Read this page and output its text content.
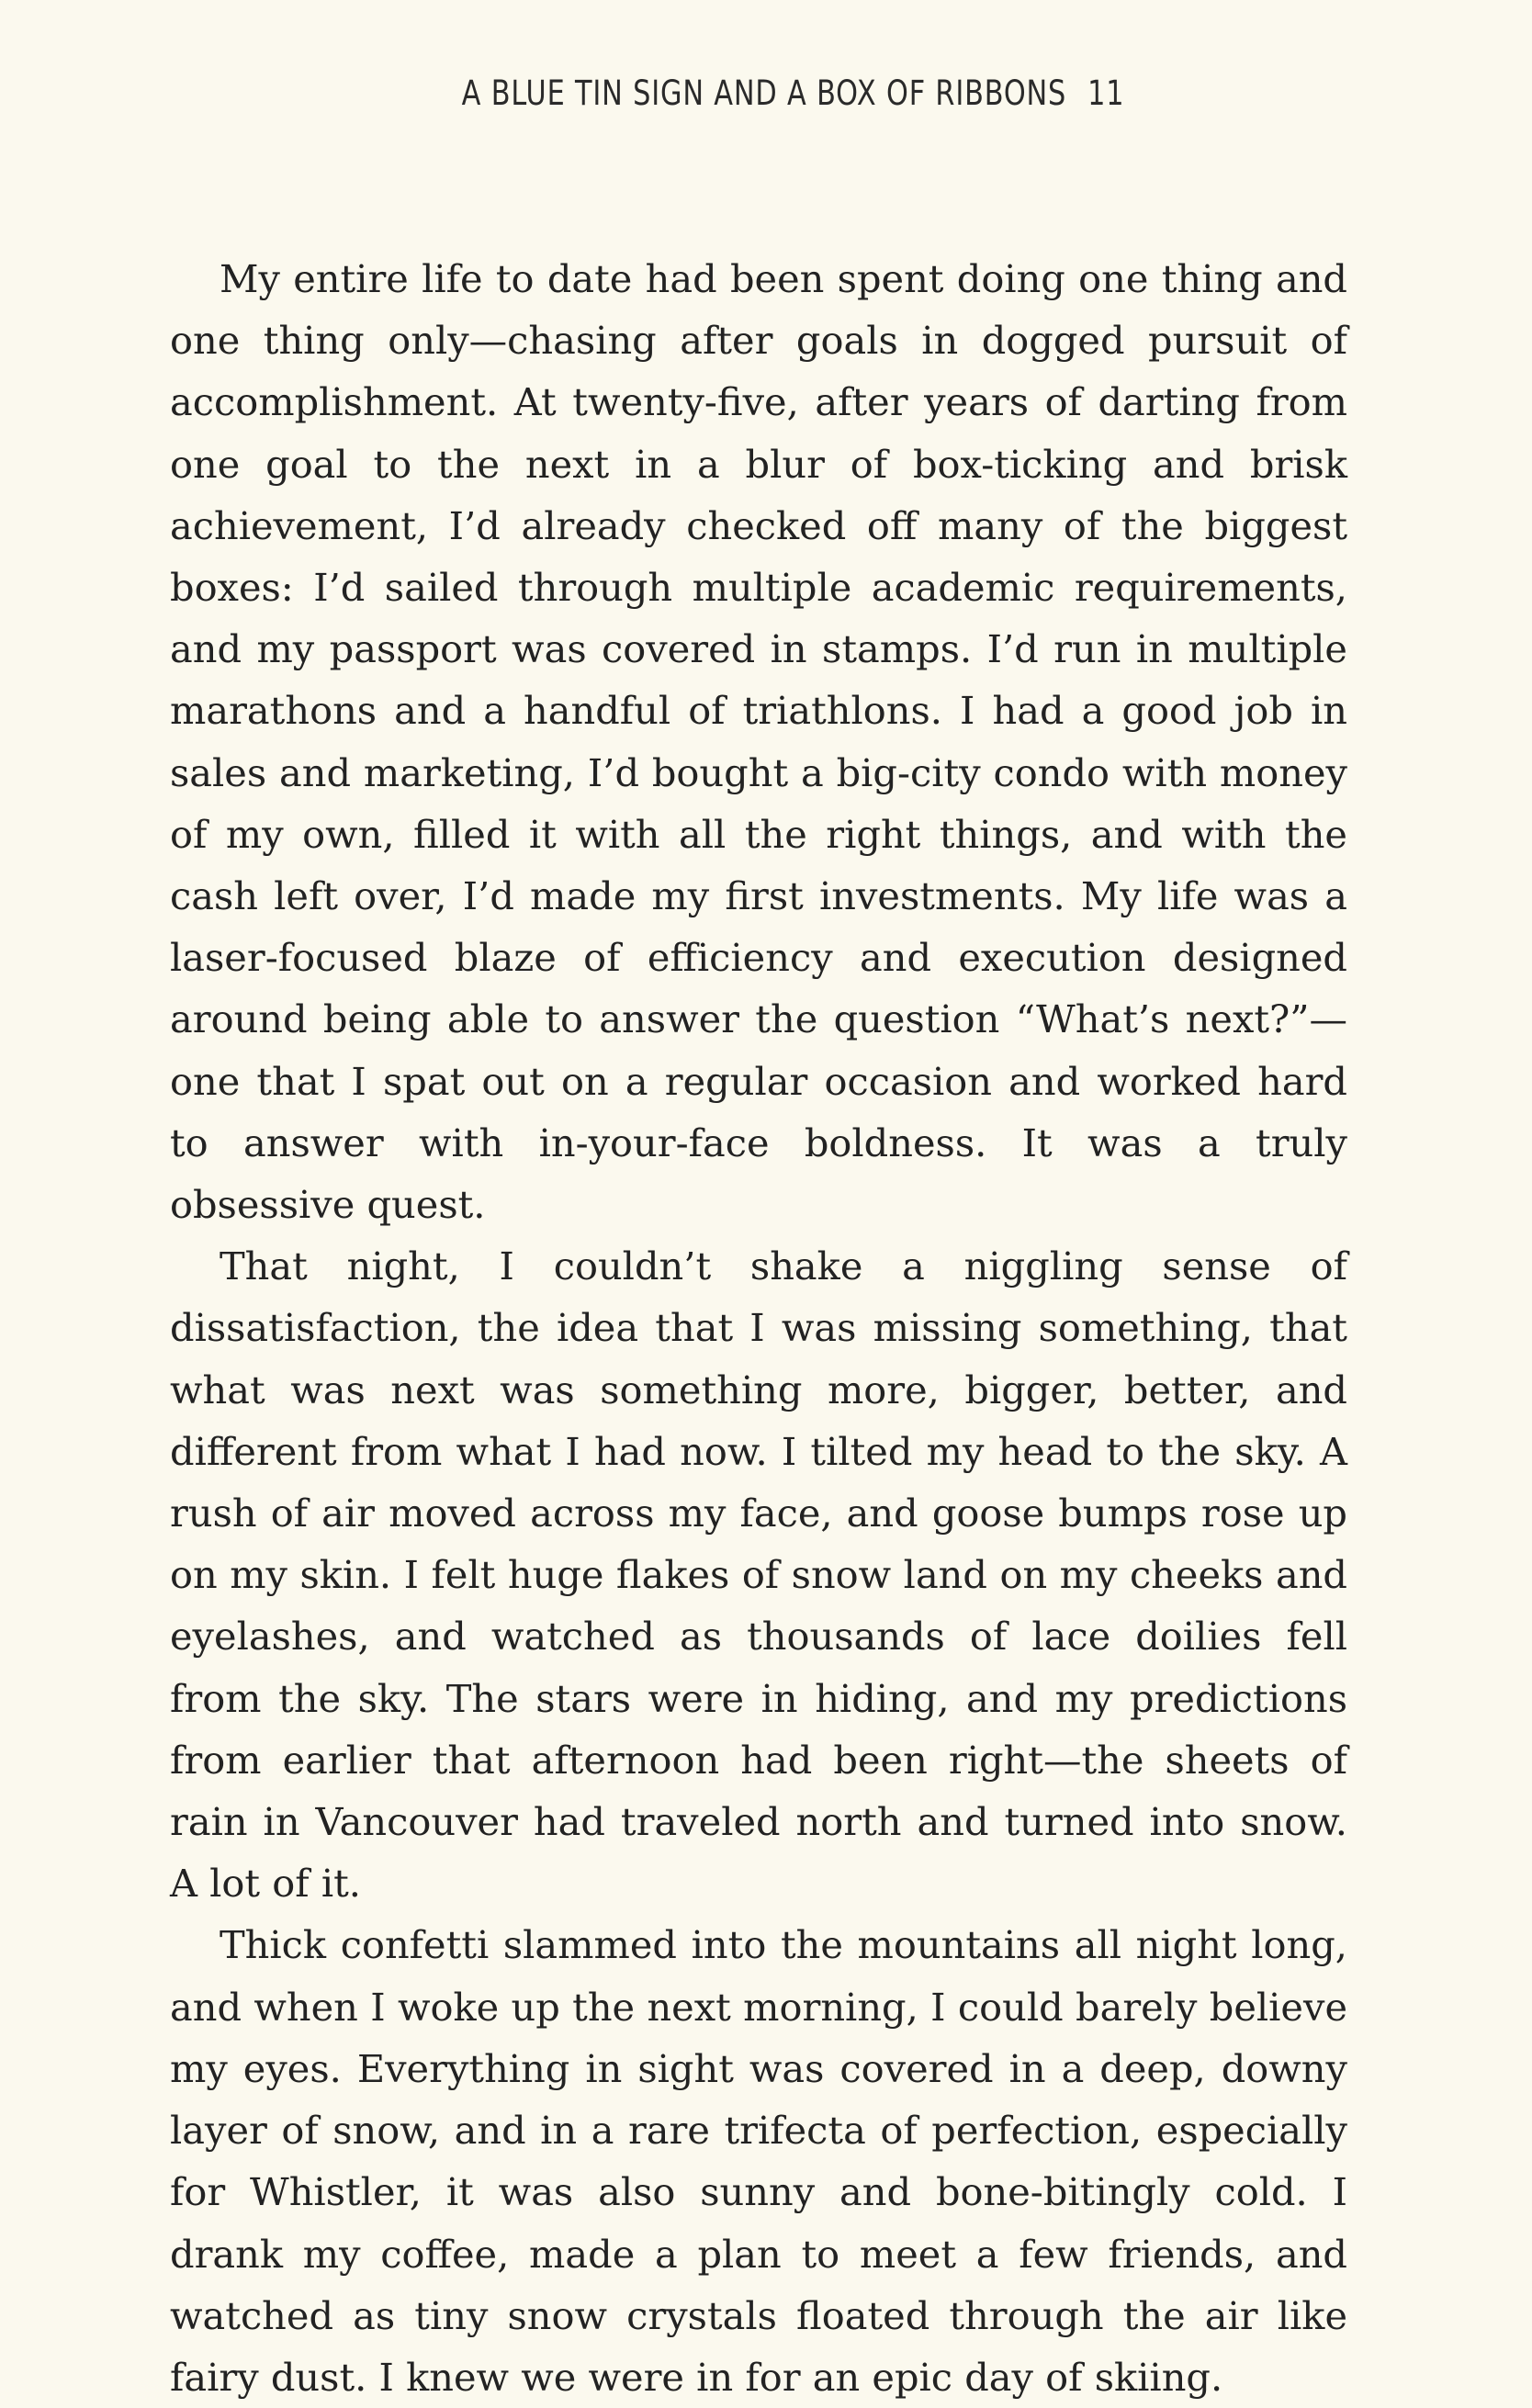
A BLUE TIN SIGN AND A BOX OF RIBBONS 11

My entire life to date had been spent doing one thing and one thing only—chasing after goals in dogged pursuit of accomplishment. At twenty-five, after years of darting from one goal to the next in a blur of box-ticking and brisk achievement, I’d already checked off many of the biggest boxes: I’d sailed through multiple academic requirements, and my passport was covered in stamps. I’d run in multiple marathons and a handful of triathlons. I had a good job in sales and marketing, I’d bought a big-city condo with money of my own, filled it with all the right things, and with the cash left over, I’d made my first investments. My life was a laser-focused blaze of efficiency and execution designed around being able to answer the question “What’s next?”—one that I spat out on a regular occasion and worked hard to answer with in-your-face boldness. It was a truly obsessive quest.

That night, I couldn’t shake a niggling sense of dissatisfaction, the idea that I was missing something, that what was next was something more, bigger, better, and different from what I had now. I tilted my head to the sky. A rush of air moved across my face, and goose bumps rose up on my skin. I felt huge flakes of snow land on my cheeks and eyelashes, and watched as thousands of lace doilies fell from the sky. The stars were in hiding, and my predictions from earlier that afternoon had been right—the sheets of rain in Vancouver had traveled north and turned into snow. A lot of it.

Thick confetti slammed into the mountains all night long, and when I woke up the next morning, I could barely believe my eyes. Everything in sight was covered in a deep, downy layer of snow, and in a rare trifecta of perfection, especially for Whistler, it was also sunny and bone-bitingly cold. I drank my coffee, made a plan to meet a few friends, and watched as tiny snow crystals floated through the air like fairy dust. I knew we were in for an epic day of skiing.
